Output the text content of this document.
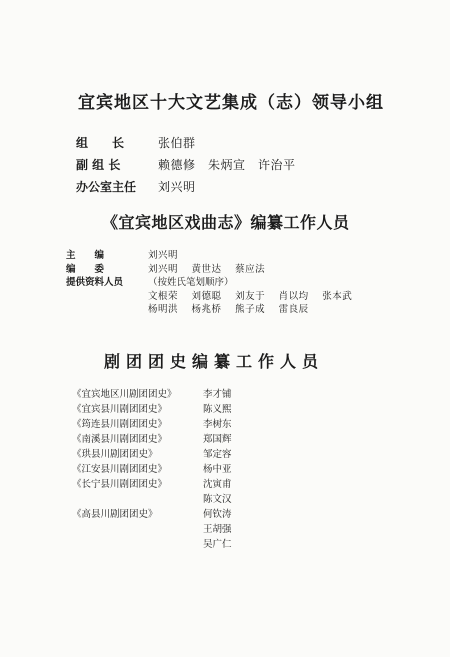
宜宾地区十大文艺集成（志）领导小组
组　　长	张伯群
副 组 长	赖德修　朱炳宣　许治平
办公室主任 刘兴明
《宜宾地区戏曲志》编纂工作人员
主　　编	刘兴明
编　　委	刘兴明 黄世达 蔡应法
提供资料人员	（按姓氏笔划顺序）
文根荣 刘德聪 刘友于 肖以均 张本武
杨明洪 杨兆桥 熊子成 雷良辰
剧团团史编纂工作人员
《宜宾地区川剧团团史》	李才铺
《宜宾县川剧团团史》	陈义熙
《筠连县川剧团团史》	李树东
《南溪县川剧团团史》	郑国辉
《珙县川剧团团史》	邹定容
《江安县川剧团团史》	杨中亚
《长宁县川剧团团史》	沈寅甫
陈文汉
《高县川剧团团史》	何钦涛
王胡强
吴广仁
